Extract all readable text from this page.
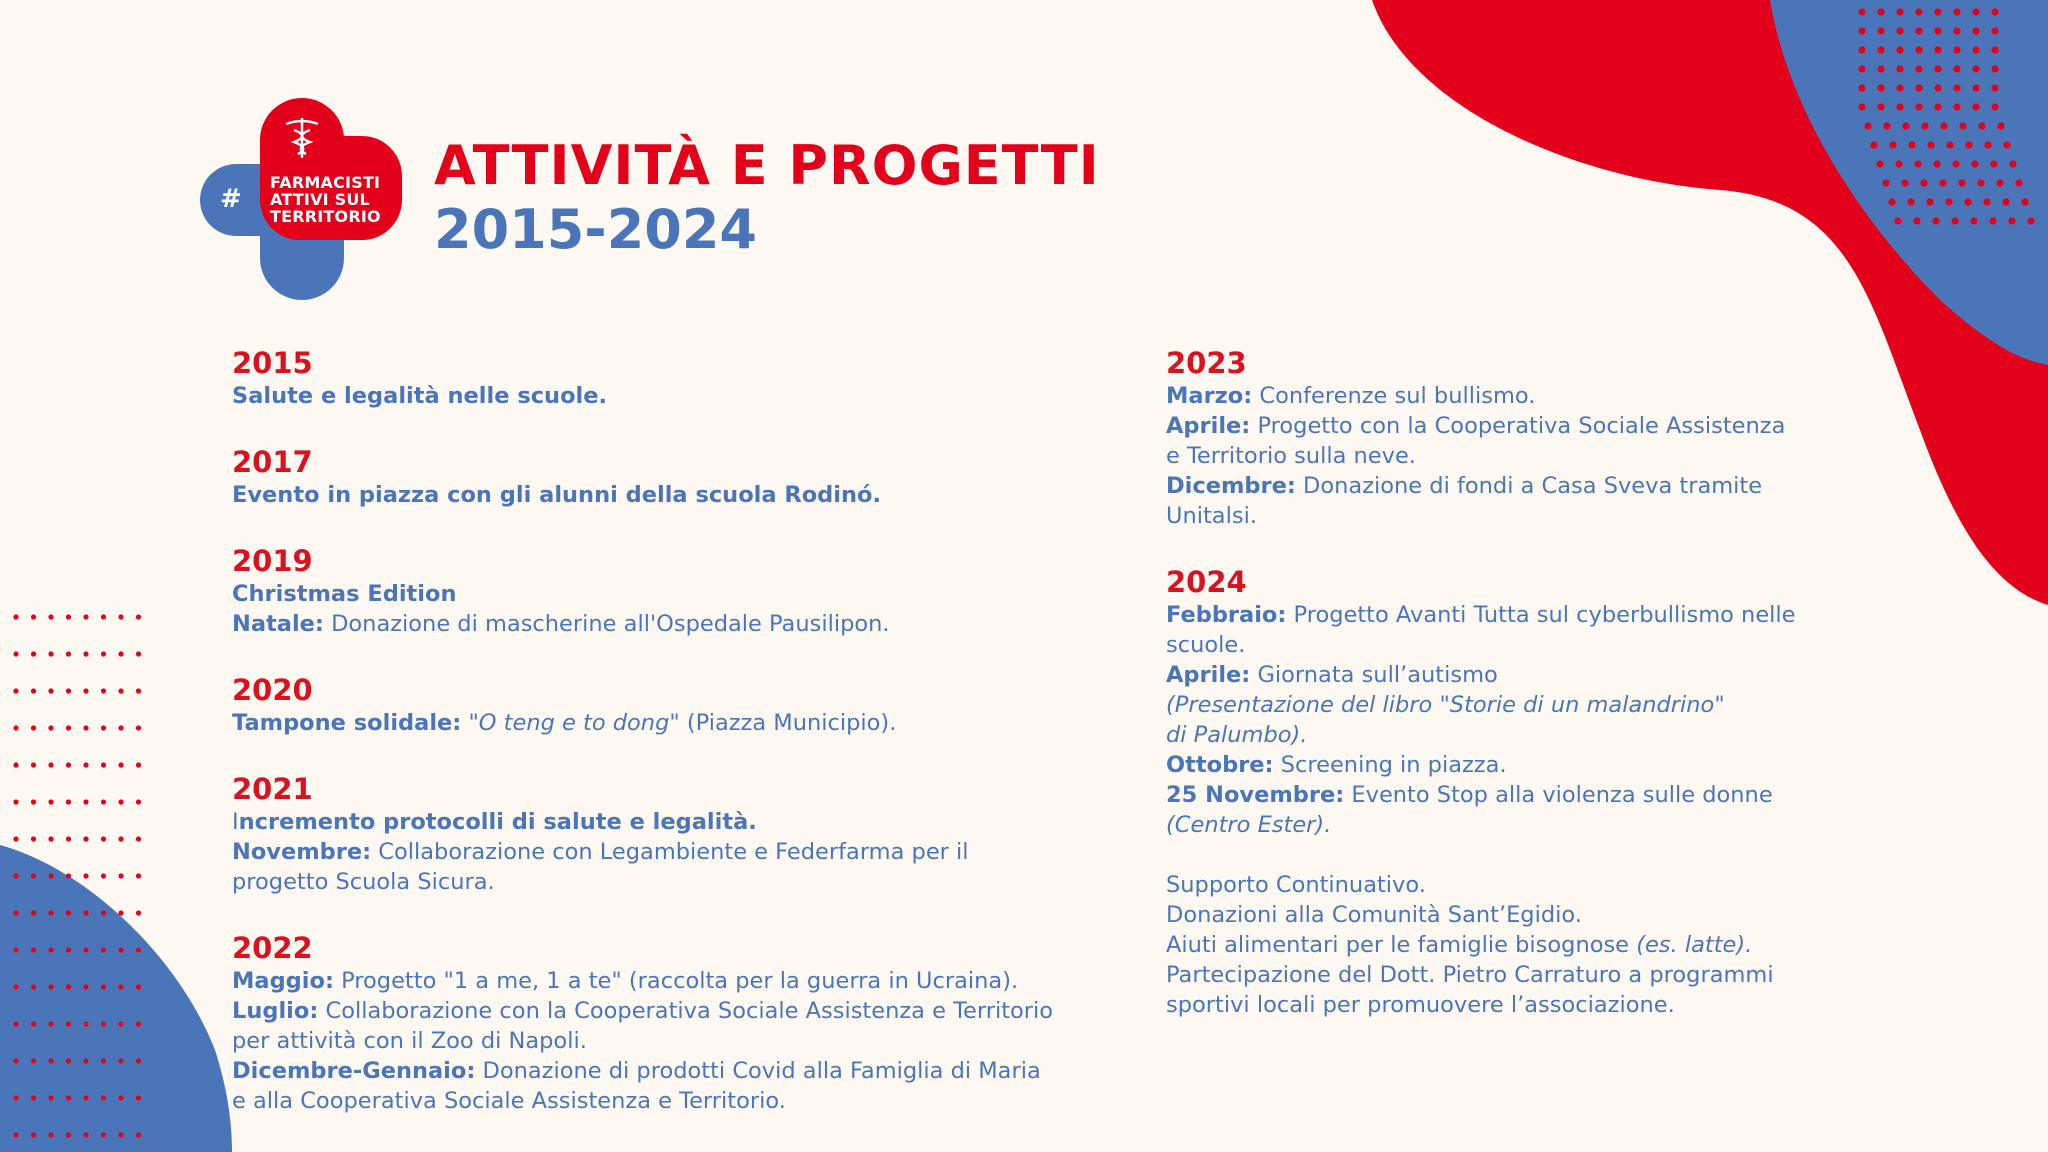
#
FARMACISTI
ATTIVI SUL
TERRITORIO
ATTIVITÀ E PROGETTI
2015-2024
2015
Salute e legalità nelle scuole.
2017
Evento in piazza con gli alunni della scuola Rodinó.
2019
Christmas Edition
Natale: Donazione di mascherine all'Ospedale Pausilipon.
2020
Tampone solidale: "O teng e to dong" (Piazza Municipio).
2021
Incremento protocolli di salute e legalità.
Novembre: Collaborazione con Legambiente e Federfarma per il
progetto Scuola Sicura.
2022
Maggio: Progetto "1 a me, 1 a te" (raccolta per la guerra in Ucraina).
Luglio: Collaborazione con la Cooperativa Sociale Assistenza e Territorio
per attività con il Zoo di Napoli.
Dicembre-Gennaio: Donazione di prodotti Covid alla Famiglia di Maria
e alla Cooperativa Sociale Assistenza e Territorio.
2023
Marzo: Conferenze sul bullismo.
Aprile: Progetto con la Cooperativa Sociale Assistenza
e Territorio sulla neve.
Dicembre: Donazione di fondi a Casa Sveva tramite
Unitalsi.
2024
Febbraio: Progetto Avanti Tutta sul cyberbullismo nelle
scuole.
Aprile: Giornata sull’autismo
(Presentazione del libro "Storie di un malandrino"
di Palumbo).
Ottobre: Screening in piazza.
25 Novembre: Evento Stop alla violenza sulle donne
(Centro Ester).
Supporto Continuativo.
Donazioni alla Comunità Sant’Egidio.
Aiuti alimentari per le famiglie bisognose (es. latte).
Partecipazione del Dott. Pietro Carraturo a programmi
sportivi locali per promuovere l’associazione.
